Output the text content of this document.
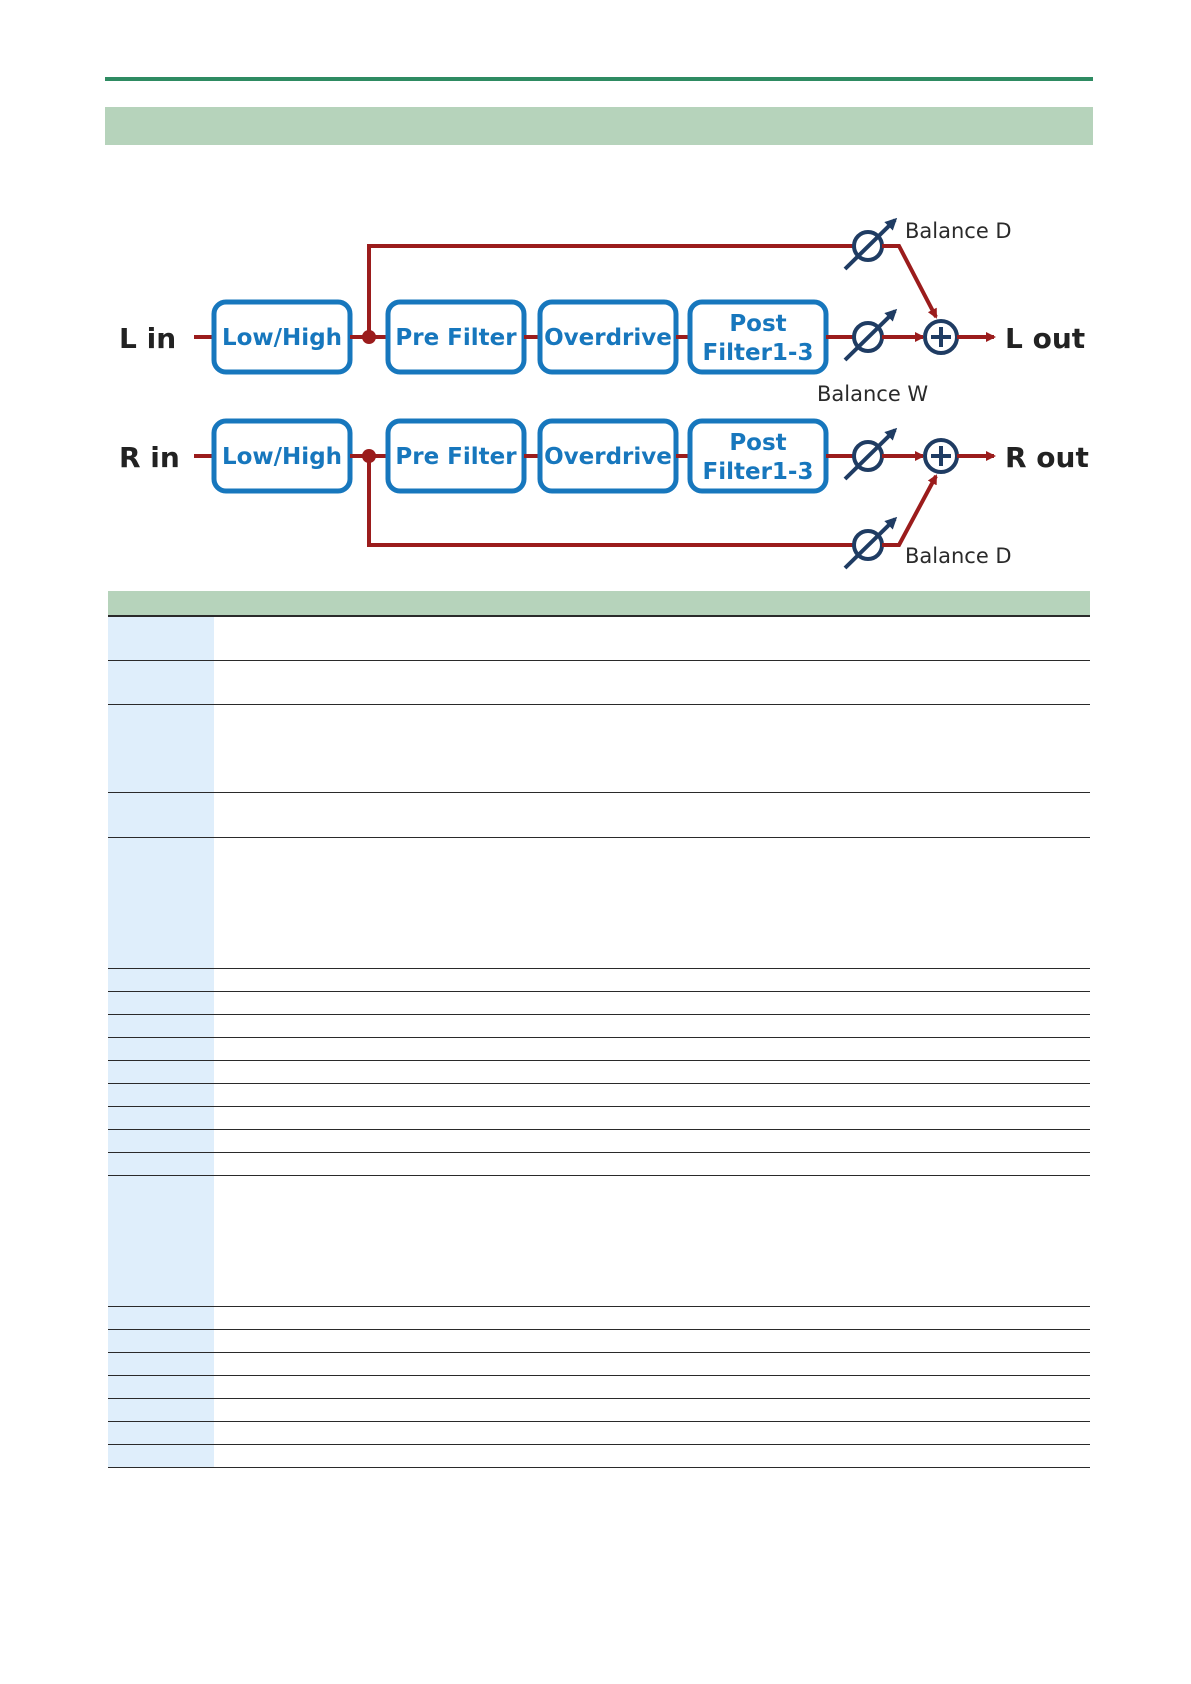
L in Low/High Pre Filter Overdrive
Post
Filter1-3	L out
Balance D
Balance W
R in Low/High Pre Filter Overdrive
Post
Filter1-3	R out
Balance D
